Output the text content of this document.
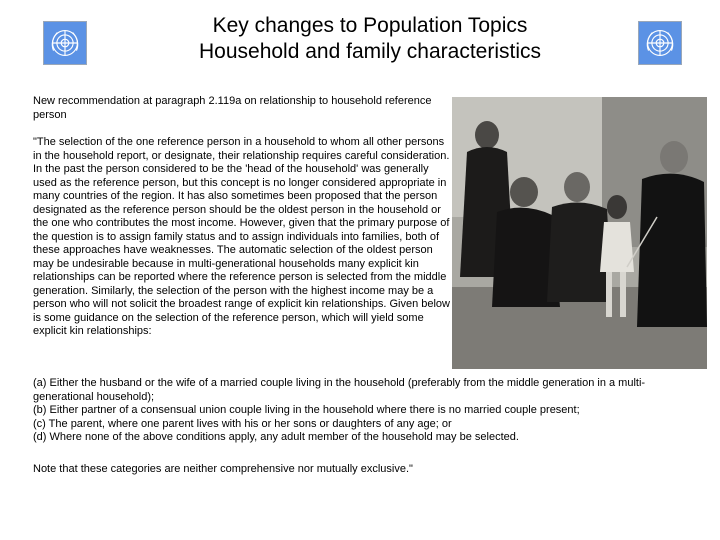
Key changes to Population Topics
Household and family characteristics
New recommendation at paragraph 2.119a on relationship to household reference person
"The selection of the one reference person in a household to whom all other persons in the household report, or designate, their relationship requires careful consideration. In the past the person considered to be the 'head of the household' was generally used as the reference person, but this concept is no longer considered appropriate in many countries of the region. It has also sometimes been proposed that the person designated as the reference person should be the oldest person in the household or the one who contributes the most income. However, given that the primary purpose of the question is to assign family status and to assign individuals into families, both of these approaches have weaknesses. The automatic selection of the oldest person may be undesirable because in multi-generational households many explicit kin relationships can be reported where the reference person is selected from the middle generation. Similarly, the selection of the person with the highest income may be a person who will not solicit the broadest range of explicit kin relationships. Given below is some guidance on the selection of the reference person, which will yield some explicit kin relationships:

(a) Either the husband or the wife of a married couple living in the household (preferably from the middle generation in a multi-generational household);

(b) Either partner of a consensual union couple living in the household where there is no married couple present;

(c) The parent, where one parent lives with his or her sons or daughters of any age; or

(d) Where none of the above conditions apply, any adult member of the household may be selected.

Note that these categories are neither comprehensive nor mutually exclusive."
